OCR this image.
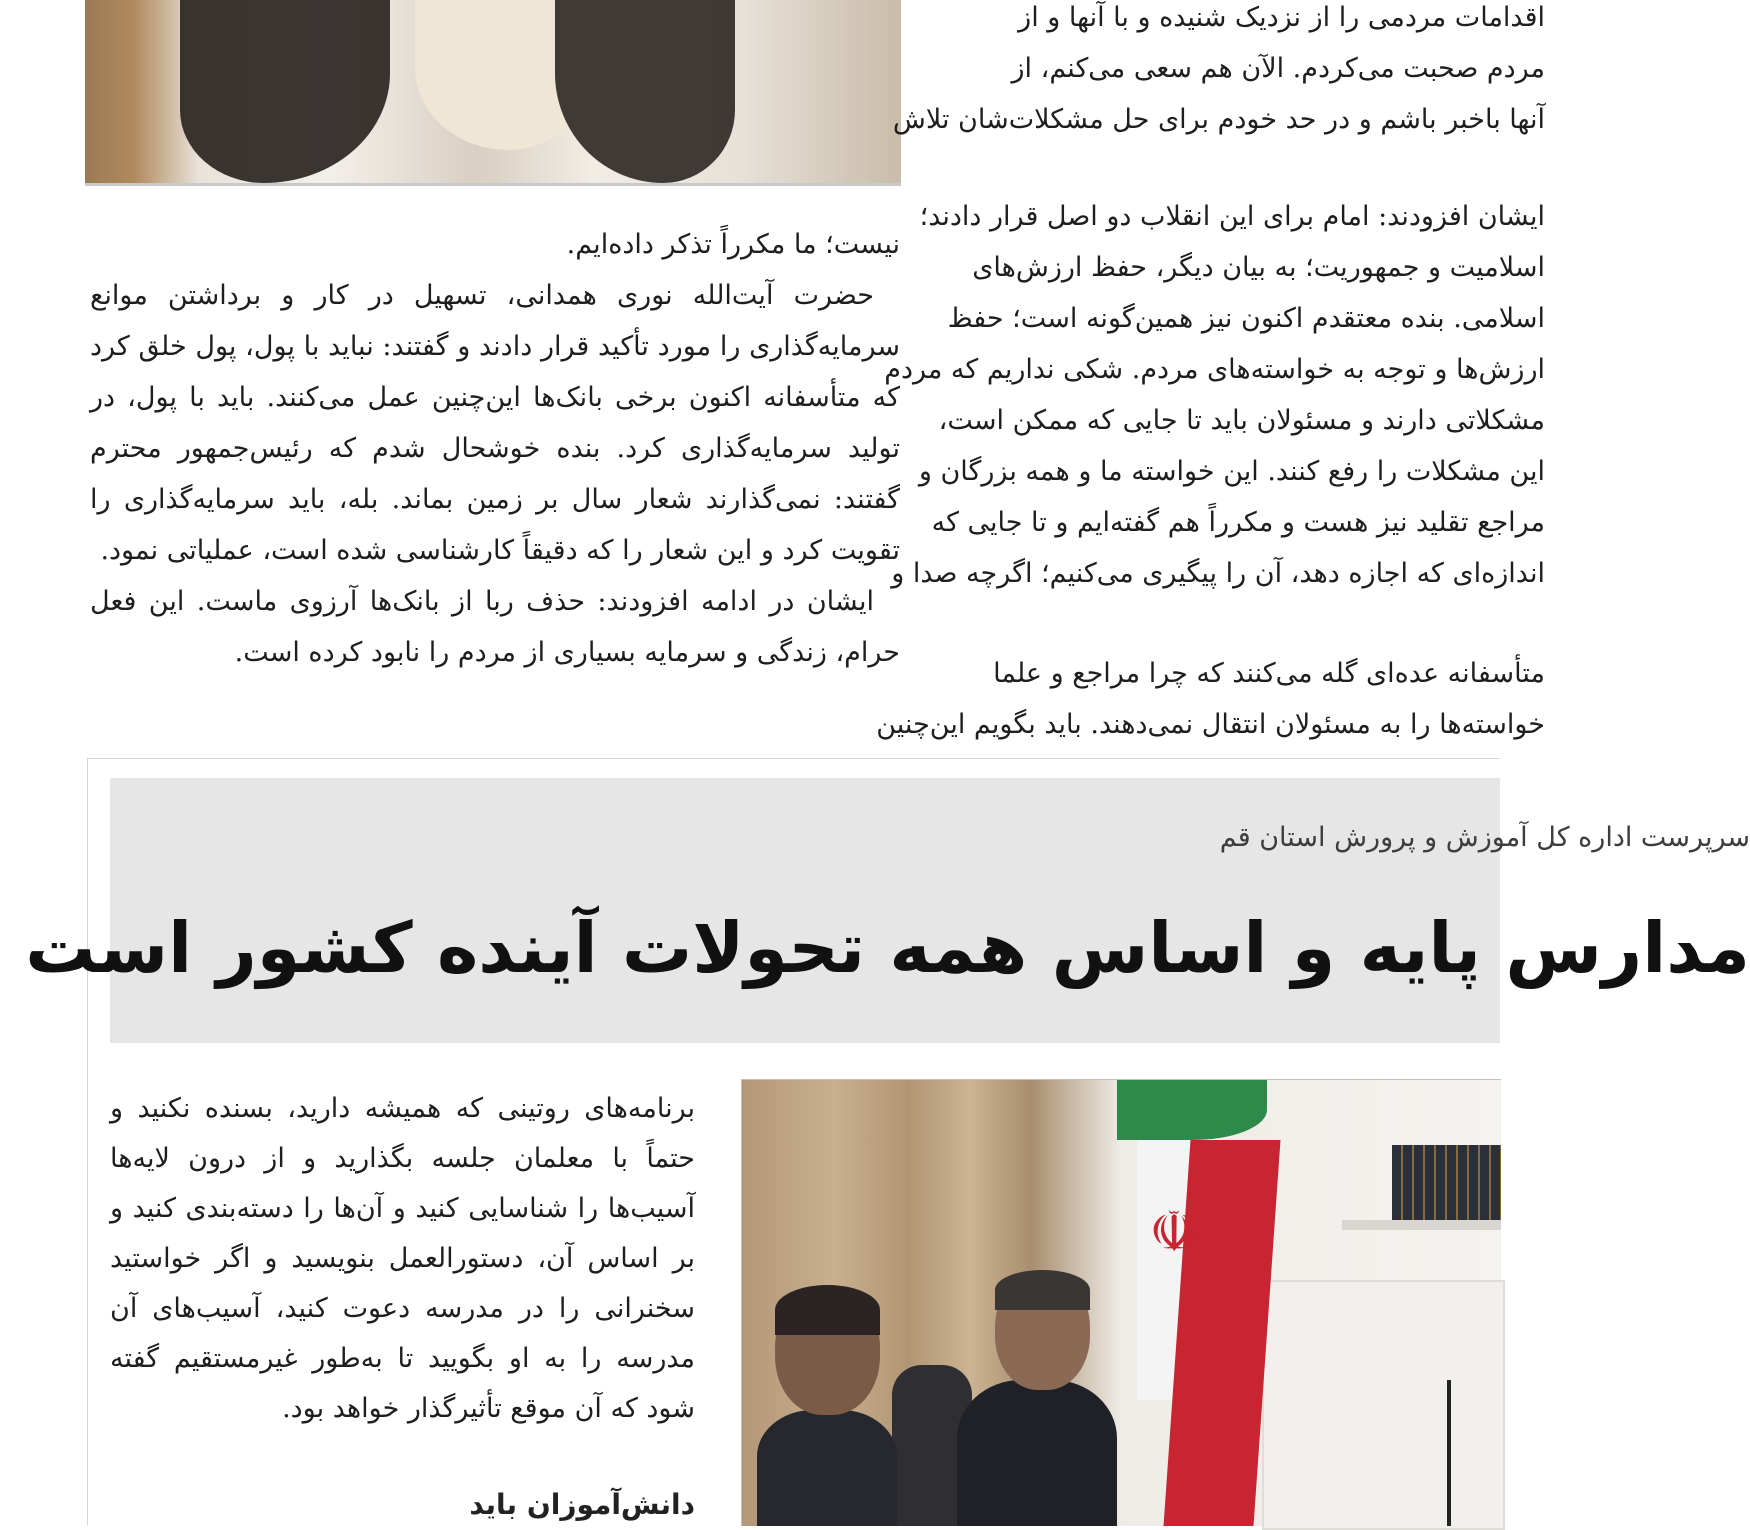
اقدامات مردمی را از نزدیک شنیده و با آنها و از
مردم صحبت می‌کردم. الآن هم سعی می‌کنم، از
آنها باخبر باشم و در حد خودم برای حل مشکلات‌شان تلاش
ایشان افزودند: امام برای این انقلاب دو اصل قرار دادند؛
اسلامیت و جمهوریت؛ به بیان دیگر، حفظ ارزش‌های
اسلامی. بنده معتقدم اکنون نیز همین‌گونه است؛ حفظ
ارزش‌ها و توجه به خواسته‌های مردم. شکی نداریم که مردم
مشکلاتی دارند و مسئولان باید تا جایی که ممکن است،
این مشکلات را رفع کنند. این خواسته ما و همه بزرگان و
مراجع تقلید نیز هست و مکرراً هم گفته‌ایم و تا جایی که
اندازه‌ای که اجازه دهد، آن را پیگیری می‌کنیم؛ اگرچه صدا و
متأسفانه عده‌ای گله می‌کنند که چرا مراجع و علما
خواسته‌ها را به مسئولان انتقال نمی‌دهند. باید بگویم این‌چنین

نیست؛ ما مکرراً تذکر داده‌ایم.

حضرت آیت‌الله نوری همدانی، تسهیل در کار و برداشتن موانع سرمایه‌گذاری را مورد تأکید قرار دادند و گفتند: نباید با پول، پول خلق کرد که متأسفانه اکنون برخی بانک‌ها این‌چنین عمل می‌کنند. باید با پول، در تولید سرمایه‌گذاری کرد. بنده خوشحال شدم که رئیس‌جمهور محترم گفتند: نمی‌گذارند شعار سال بر زمین بماند. بله، باید سرمایه‌گذاری را تقویت کرد و این شعار را که دقیقاً کارشناسی شده است، عملیاتی نمود.

ایشان در ادامه افزودند: حذف ربا از بانک‌ها آرزوی ماست. این فعل حرام، زندگی و سرمایه بسیاری از مردم را نابود کرده است.

سرپرست اداره کل آموزش و پرورش استان قم
مدارس پایه و اساس همه تحولات آینده کشور است
برنامه‌های روتینی که همیشه دارید، بسنده نکنید و حتماً با معلمان جلسه بگذارید و از درون لایه‌ها آسیب‌ها را شناسایی کنید و آن‌ها را دسته‌بندی کنید و بر اساس آن، دستورالعمل بنویسید و اگر خواستید سخنرانی را در مدرسه دعوت کنید، آسیب‌های آن مدرسه را به او بگویید تا به‌طور غیرمستقیم گفته شود که آن موقع تأثیرگذار خواهد بود.
دانش‌آموزان باید
☫
